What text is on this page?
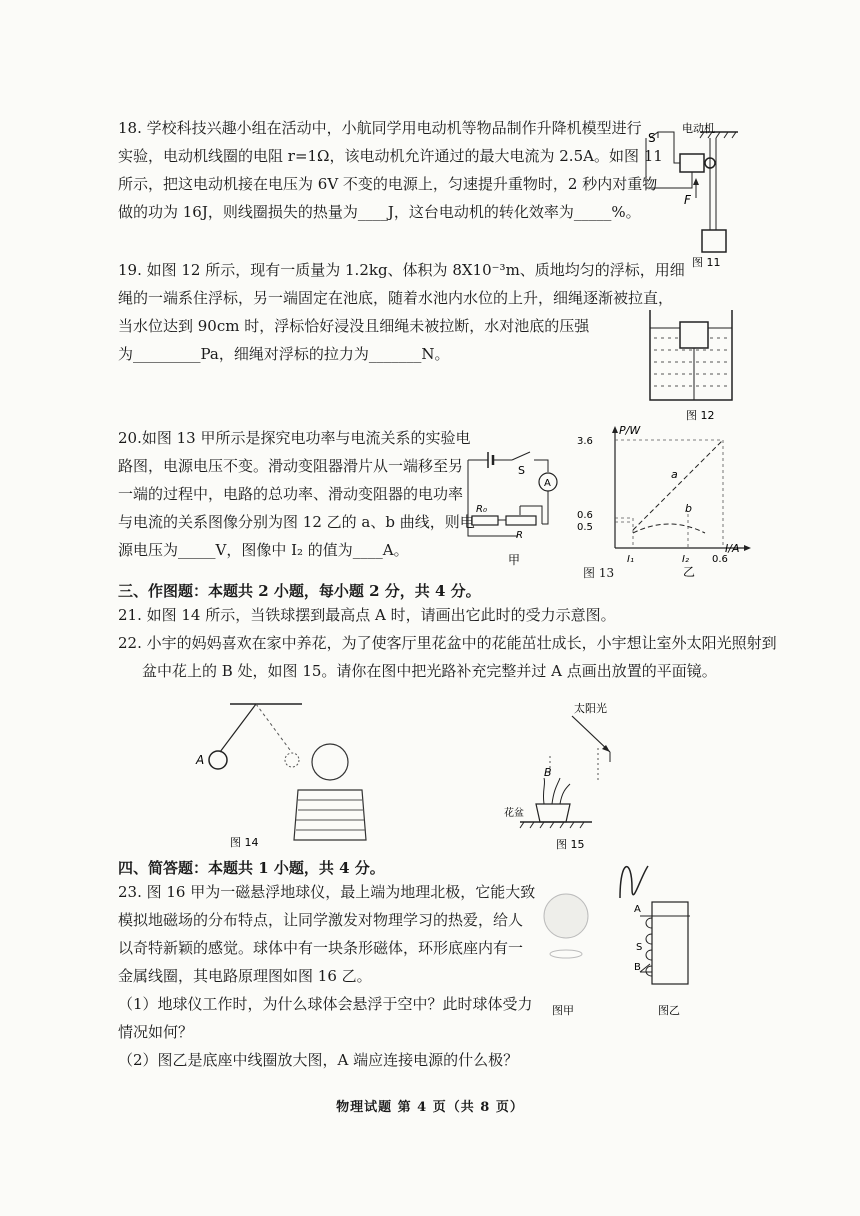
18. 学校科技兴趣小组在活动中，小航同学用电动机等物品制作升降机模型进行

实验，电动机线圈的电阻 r=1Ω，该电动机允许通过的最大电流为 2.5A。如图 11

所示，把这电动机接在电压为 6V 不变的电源上，匀速提升重物时，2 秒内对重物

做的功为 16J，则线圈损失的热量为____J，这台电动机的转化效率为_____%。

S
电动机
F
图 11

19. 如图 12 所示，现有一质量为 1.2kg、体积为 8X10⁻³m、质地均匀的浮标，用细

绳的一端系住浮标，另一端固定在池底，随着水池内水位的上升，细绳逐渐被拉直，

当水位达到 90cm 时，浮标恰好浸没且细绳未被拉断，水对池底的压强

为_________Pa，细绳对浮标的拉力为_______N。

图 12

20.如图 13 甲所示是探究电功率与电流关系的实验电

路图，电源电压不变。滑动变阻器滑片从一端移至另

一端的过程中，电路的总功率、滑动变阻器的电功率

与电流的关系图像分别为图 12 乙的 a、b 曲线，则电

源电压为_____V，图像中 I₂ 的值为____A。

S
A
R₀
R
甲
P/W
I/A
3.6
0.6
0.5
I₁	I₂ 0.6
a
b
乙
图 13
三、作图题：本题共 2 小题，每小题 2 分，共 4 分。

21. 如图 14 所示，当铁球摆到最高点 A 时，请画出它此时的受力示意图。

22. 小宇的妈妈喜欢在家中养花，为了使客厅里花盆中的花能茁壮成长，小宇想让室外太阳光照射到

盆中花上的 B 处，如图 15。请你在图中把光路补充完整并过 A 点画出放置的平面镜。

A
图 14
太阳光
B
花盆
图 15
四、简答题：本题共 1 小题，共 4 分。

23. 图 16 甲为一磁悬浮地球仪，最上端为地理北极，它能大致

模拟地磁场的分布特点，让同学激发对物理学习的热爱，给人

以奇特新颖的感觉。球体中有一块条形磁体，环形底座内有一

金属线圈，其电路原理图如图 16 乙。

（1）地球仪工作时，为什么球体会悬浮于空中？此时球体受力

情况如何？

（2）图乙是底座中线圈放大图，A 端应连接电源的什么极？

A
S
B
图甲	图乙
物理试题 第 4 页（共 8 页）
